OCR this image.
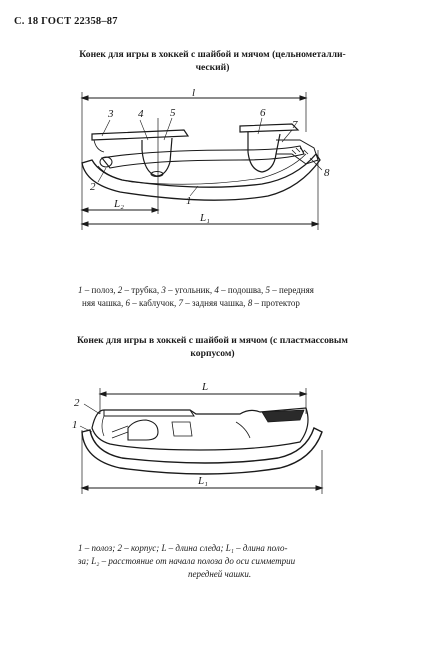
С. 18 ГОСТ 22358–87
Конек для игры в хоккей с шайбой и мячом (цельнометалли-
ческий)
l
3 4 5	6
7
8
2
1
L₂
L₁
1 – полоз, 2 – трубка, 3 – угольник, 4 – подошва, 5 – передняя
няя чашка, 6 – каблучок, 7 – задняя чашка, 8 – протектор
Конек для игры в хоккей с шайбой и мячом (с пластмассовым
корпусом)
L
2
1
L₁
1 – полоз; 2 – корпус; L – длина следа; L₁ – длина поло-
за; L₂ – расстояние от начала полоза до оси симметрии
передней чашки.
